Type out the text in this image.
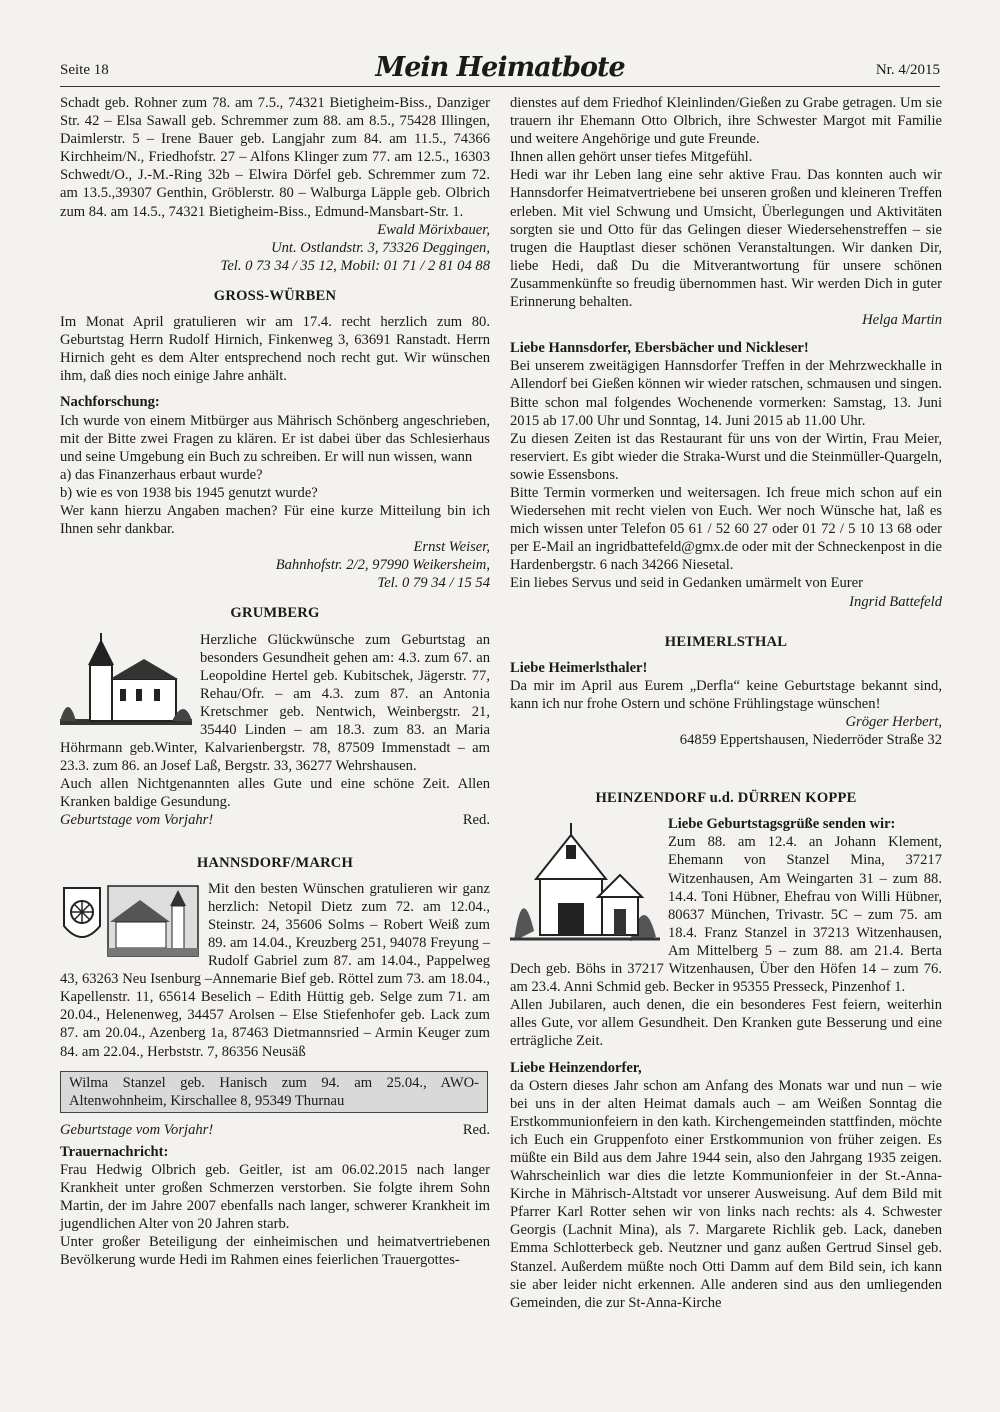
Seite 18	Mein Heimatbote	Nr. 4/2015

Schadt geb. Rohner zum 78. am 7.5., 74321 Bietigheim-Biss., Danziger Str. 42 – Elsa Sawall geb. Schremmer zum 88. am 8.5., 75428 Illingen, Daimlerstr. 5 – Irene Bauer geb. Langjahr zum 84. am 11.5., 74366 Kirchheim/N., Friedhofstr. 27 – Alfons Klinger zum 77. am 12.5., 16303 Schwedt/O., J.-M.-Ring 32b – Elwira Dörfel geb. Schremmer zum 72. am 13.5.,39307 Genthin, Gröblerstr. 80 – Walburga Läpple geb. Olbrich zum 84. am 14.5., 74321 Bietigheim-Biss., Edmund-Mansbart-Str. 1.

Ewald Mörixbauer,

Unt. Ostlandstr. 3, 73326 Deggingen,

Tel. 0 73 34 / 35 12, Mobil: 01 71 / 2 81 04 88

GROSS-WÜRBEN

Im Monat April gratulieren wir am 17.4. recht herzlich zum 80. Geburtstag Herrn Rudolf Hirnich, Finkenweg 3, 63691 Ranstadt. Herrn Hirnich geht es dem Alter entsprechend noch recht gut. Wir wünschen ihm, daß dies noch einige Jahre anhält.

Nachforschung:

Ich wurde von einem Mitbürger aus Mährisch Schönberg angeschrieben, mit der Bitte zwei Fragen zu klären. Er ist dabei über das Schlesierhaus und seine Umgebung ein Buch zu schreiben. Er will nun wissen, wann

a) das Finanzerhaus erbaut wurde?

b) wie es von 1938 bis 1945 genutzt wurde?

Wer kann hierzu Angaben machen? Für eine kurze Mitteilung bin ich Ihnen sehr dankbar.

Ernst Weiser,

Bahnhofstr. 2/2, 97990 Weikersheim,

Tel. 0 79 34 / 15 54

GRUMBERG

Herzliche Glückwünsche zum Geburtstag an besonders Gesundheit gehen am: 4.3. zum 67. an Leopoldine Hertel geb. Kubitschek, Jägerstr. 77, Rehau/Ofr. – am 4.3. zum 87. an Antonia Kretschmer geb. Nentwich, Weinbergstr. 21, 35440 Linden – am 18.3. zum 83. an Maria Höhrmann geb.Winter, Kalvarienbergstr. 78, 87509 Immenstadt – am 23.3. zum 86. an Josef Laß, Bergstr. 33, 36277 Wehrshausen.

Auch allen Nichtgenannten alles Gute und eine schöne Zeit. Allen Kranken baldige Gesundung.

Geburtstage vom Vorjahr!	Red.
HANNSDORF/MARCH

Mit den besten Wünschen gratulieren wir ganz herzlich: Netopil Dietz zum 72. am 12.04., Steinstr. 24, 35606 Solms – Robert Weiß zum 89. am 14.04., Kreuzberg 251, 94078 Freyung – Rudolf Gabriel zum 87. am 14.04., Pappelweg 43, 63263 Neu Isenburg –Annemarie Bief geb. Röttel zum 73. am 18.04., Kapellenstr. 11, 65614 Beselich – Edith Hüttig geb. Selge zum 71. am 20.04., Helenenweg, 34457 Arolsen – Else Stiefenhofer geb. Lack zum 87. am 20.04., Azenberg 1a, 87463 Dietmannsried – Armin Keuger zum 84. am 22.04., Herbststr. 7, 86356 Neusäß

Wilma Stanzel geb. Hanisch zum 94. am 25.04., AWO-Altenwohnheim, Kirschallee 8, 95349 Thurnau

Geburtstage vom Vorjahr!	Red.

Trauernachricht:

Frau Hedwig Olbrich geb. Geitler, ist am 06.02.2015 nach langer Krankheit unter großen Schmerzen verstorben. Sie folgte ihrem Sohn Martin, der im Jahre 2007 ebenfalls nach langer, schwerer Krankheit im jugendlichen Alter von 20 Jahren starb.

Unter großer Beteiligung der einheimischen und heimatvertriebenen Bevölkerung wurde Hedi im Rahmen eines feierlichen Trauergottes-

dienstes auf dem Friedhof Kleinlinden/Gießen zu Grabe getragen. Um sie trauern ihr Ehemann Otto Olbrich, ihre Schwester Margot mit Familie und weitere Angehörige und gute Freunde.

Ihnen allen gehört unser tiefes Mitgefühl.

Hedi war ihr Leben lang eine sehr aktive Frau. Das konnten auch wir Hannsdorfer Heimatvertriebene bei unseren großen und kleineren Treffen erleben. Mit viel Schwung und Umsicht, Überlegungen und Aktivitäten sorgten sie und Otto für das Gelingen dieser Wiedersehenstreffen – sie trugen die Hauptlast dieser schönen Veranstaltungen. Wir danken Dir, liebe Hedi, daß Du die Mitverantwortung für unsere schönen Zusammenkünfte so freudig übernommen hast. Wir werden Dich in guter Erinnerung behalten.

Helga Martin

Liebe Hannsdorfer, Ebersbächer und Nickleser!

Bei unserem zweitägigen Hannsdorfer Treffen in der Mehrzweckhalle in Allendorf bei Gießen können wir wieder ratschen, schmausen und singen. Bitte schon mal folgendes Wochenende vormerken: Samstag, 13. Juni 2015 ab 17.00 Uhr und Sonntag, 14. Juni 2015 ab 11.00 Uhr.

Zu diesen Zeiten ist das Restaurant für uns von der Wirtin, Frau Meier, reserviert. Es gibt wieder die Straka-Wurst und die Steinmüller-Quargeln, sowie Essensbons.

Bitte Termin vormerken und weitersagen. Ich freue mich schon auf ein Wiedersehen mit recht vielen von Euch. Wer noch Wünsche hat, laß es mich wissen unter Telefon 05 61 / 52 60 27 oder 01 72 / 5 10 13 68 oder per E-Mail an ingridbattefeld@gmx.de oder mit der Schneckenpost in die Hardenbergstr. 6 nach 34266 Niesetal.

Ein liebes Servus und seid in Gedanken umärmelt von Eurer

Ingrid Battefeld

HEIMERLSTHAL

Liebe Heimerlsthaler!

Da mir im April aus Eurem „Derfla“ keine Geburtstage bekannt sind, kann ich nur frohe Ostern und schöne Frühlingstage wünschen!

Gröger Herbert,

64859 Eppertshausen, Niederröder Straße 32

HEINZENDORF u.d. DÜRREN KOPPE

Liebe Geburtstagsgrüße senden wir:

Zum 88. am 12.4. an Johann Klement, Ehemann von Stanzel Mina, 37217 Witzenhausen, Am Weingarten 31 – zum 88. 14.4. Toni Hübner, Ehefrau von Willi Hübner, 80637 München, Trivastr. 5C – zum 75. am 18.4. Franz Stanzel in 37213 Witzenhausen, Am Mittelberg 5 – zum 88. am 21.4. Berta Dech geb. Böhs in 37217 Witzenhausen, Über den Höfen 14 – zum 76. am 23.4. Anni Schmid geb. Becker in 95355 Presseck, Pinzenhof 1.

Allen Jubilaren, auch denen, die ein besonderes Fest feiern, weiterhin alles Gute, vor allem Gesundheit. Den Kranken gute Besserung und eine erträgliche Zeit.

Liebe Heinzendorfer,

da Ostern dieses Jahr schon am Anfang des Monats war und nun – wie bei uns in der alten Heimat damals auch – am Weißen Sonntag die Erstkommunionfeiern in den kath. Kirchengemeinden stattfinden, möchte ich Euch ein Gruppenfoto einer Erstkommunion von früher zeigen. Es müßte ein Bild aus dem Jahre 1944 sein, also den Jahrgang 1935 zeigen. Wahrscheinlich war dies die letzte Kommunionfeier in der St.-Anna-Kirche in Mährisch-Altstadt vor unserer Ausweisung. Auf dem Bild mit Pfarrer Karl Rotter sehen wir von links nach rechts: als 4. Schwester Georgis (Lachnit Mina), als 7. Margarete Richlik geb. Lack, daneben Emma Schlotterbeck geb. Neutzner und ganz außen Gertrud Sinsel geb. Stanzel. Außerdem müßte noch Otti Damm auf dem Bild sein, ich kann sie aber leider nicht erkennen. Alle anderen sind aus den umliegenden Gemeinden, die zur St-Anna-Kirche
